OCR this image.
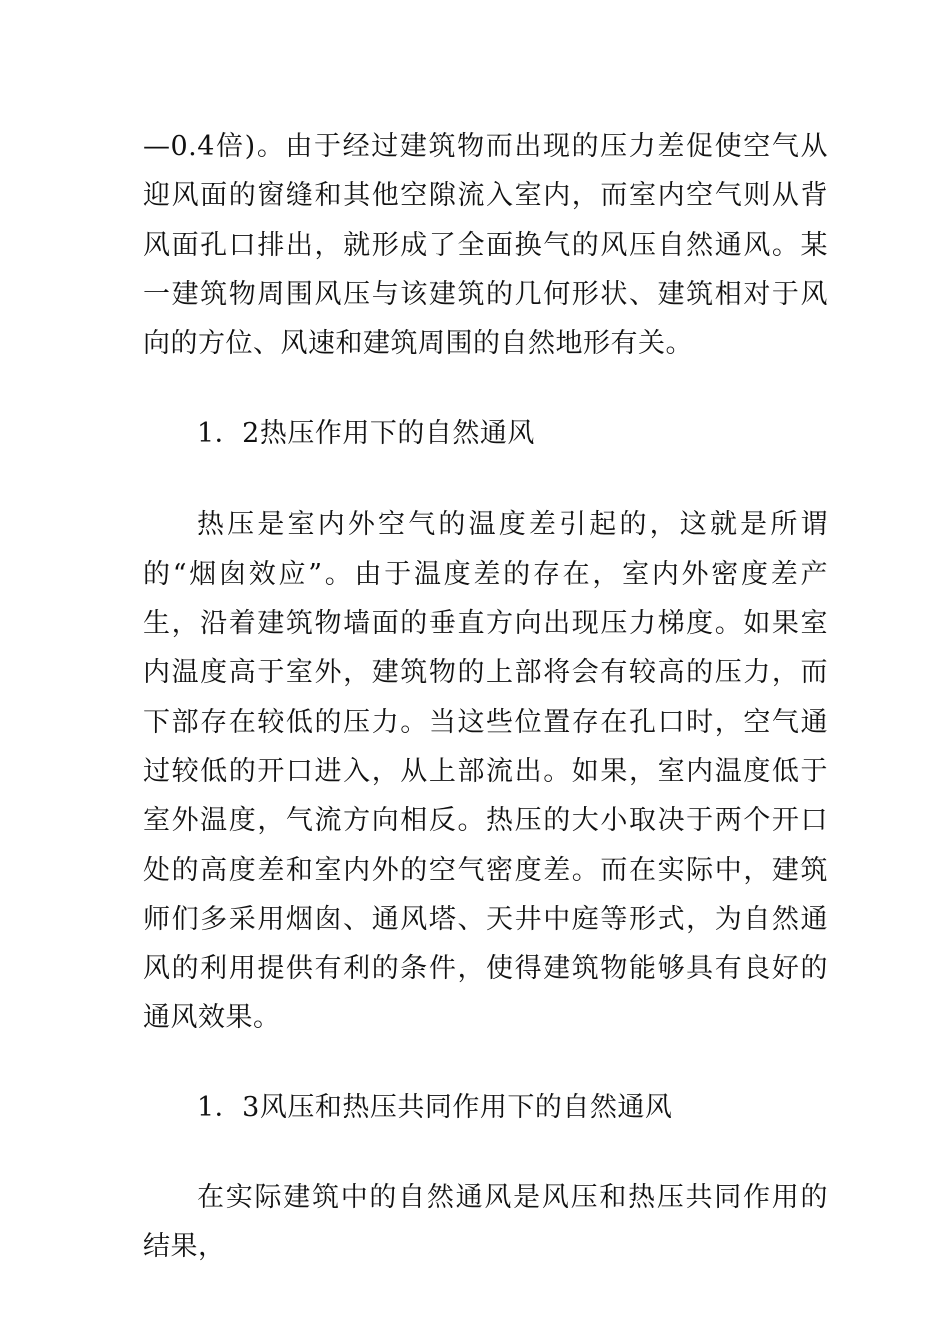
—0.4倍)。由于经过建筑物而出现的压力差促使空气从迎风面的窗缝和其他空隙流入室内，而室内空气则从背风面孔口排出，就形成了全面换气的风压自然通风。某一建筑物周围风压与该建筑的几何形状、建筑相对于风向的方位、风速和建筑周围的自然地形有关。

1．2热压作用下的自然通风

热压是室内外空气的温度差引起的，这就是所谓的“烟囱效应”。由于温度差的存在，室内外密度差产生，沿着建筑物墙面的垂直方向出现压力梯度。如果室内温度高于室外，建筑物的上部将会有较高的压力，而下部存在较低的压力。当这些位置存在孔口时，空气通过较低的开口进入，从上部流出。如果，室内温度低于室外温度，气流方向相反。热压的大小取决于两个开口处的高度差和室内外的空气密度差。而在实际中，建筑师们多采用烟囱、通风塔、天井中庭等形式，为自然通风的利用提供有利的条件，使得建筑物能够具有良好的通风效果。

1．3风压和热压共同作用下的自然通风

在实际建筑中的自然通风是风压和热压共同作用的结果，
